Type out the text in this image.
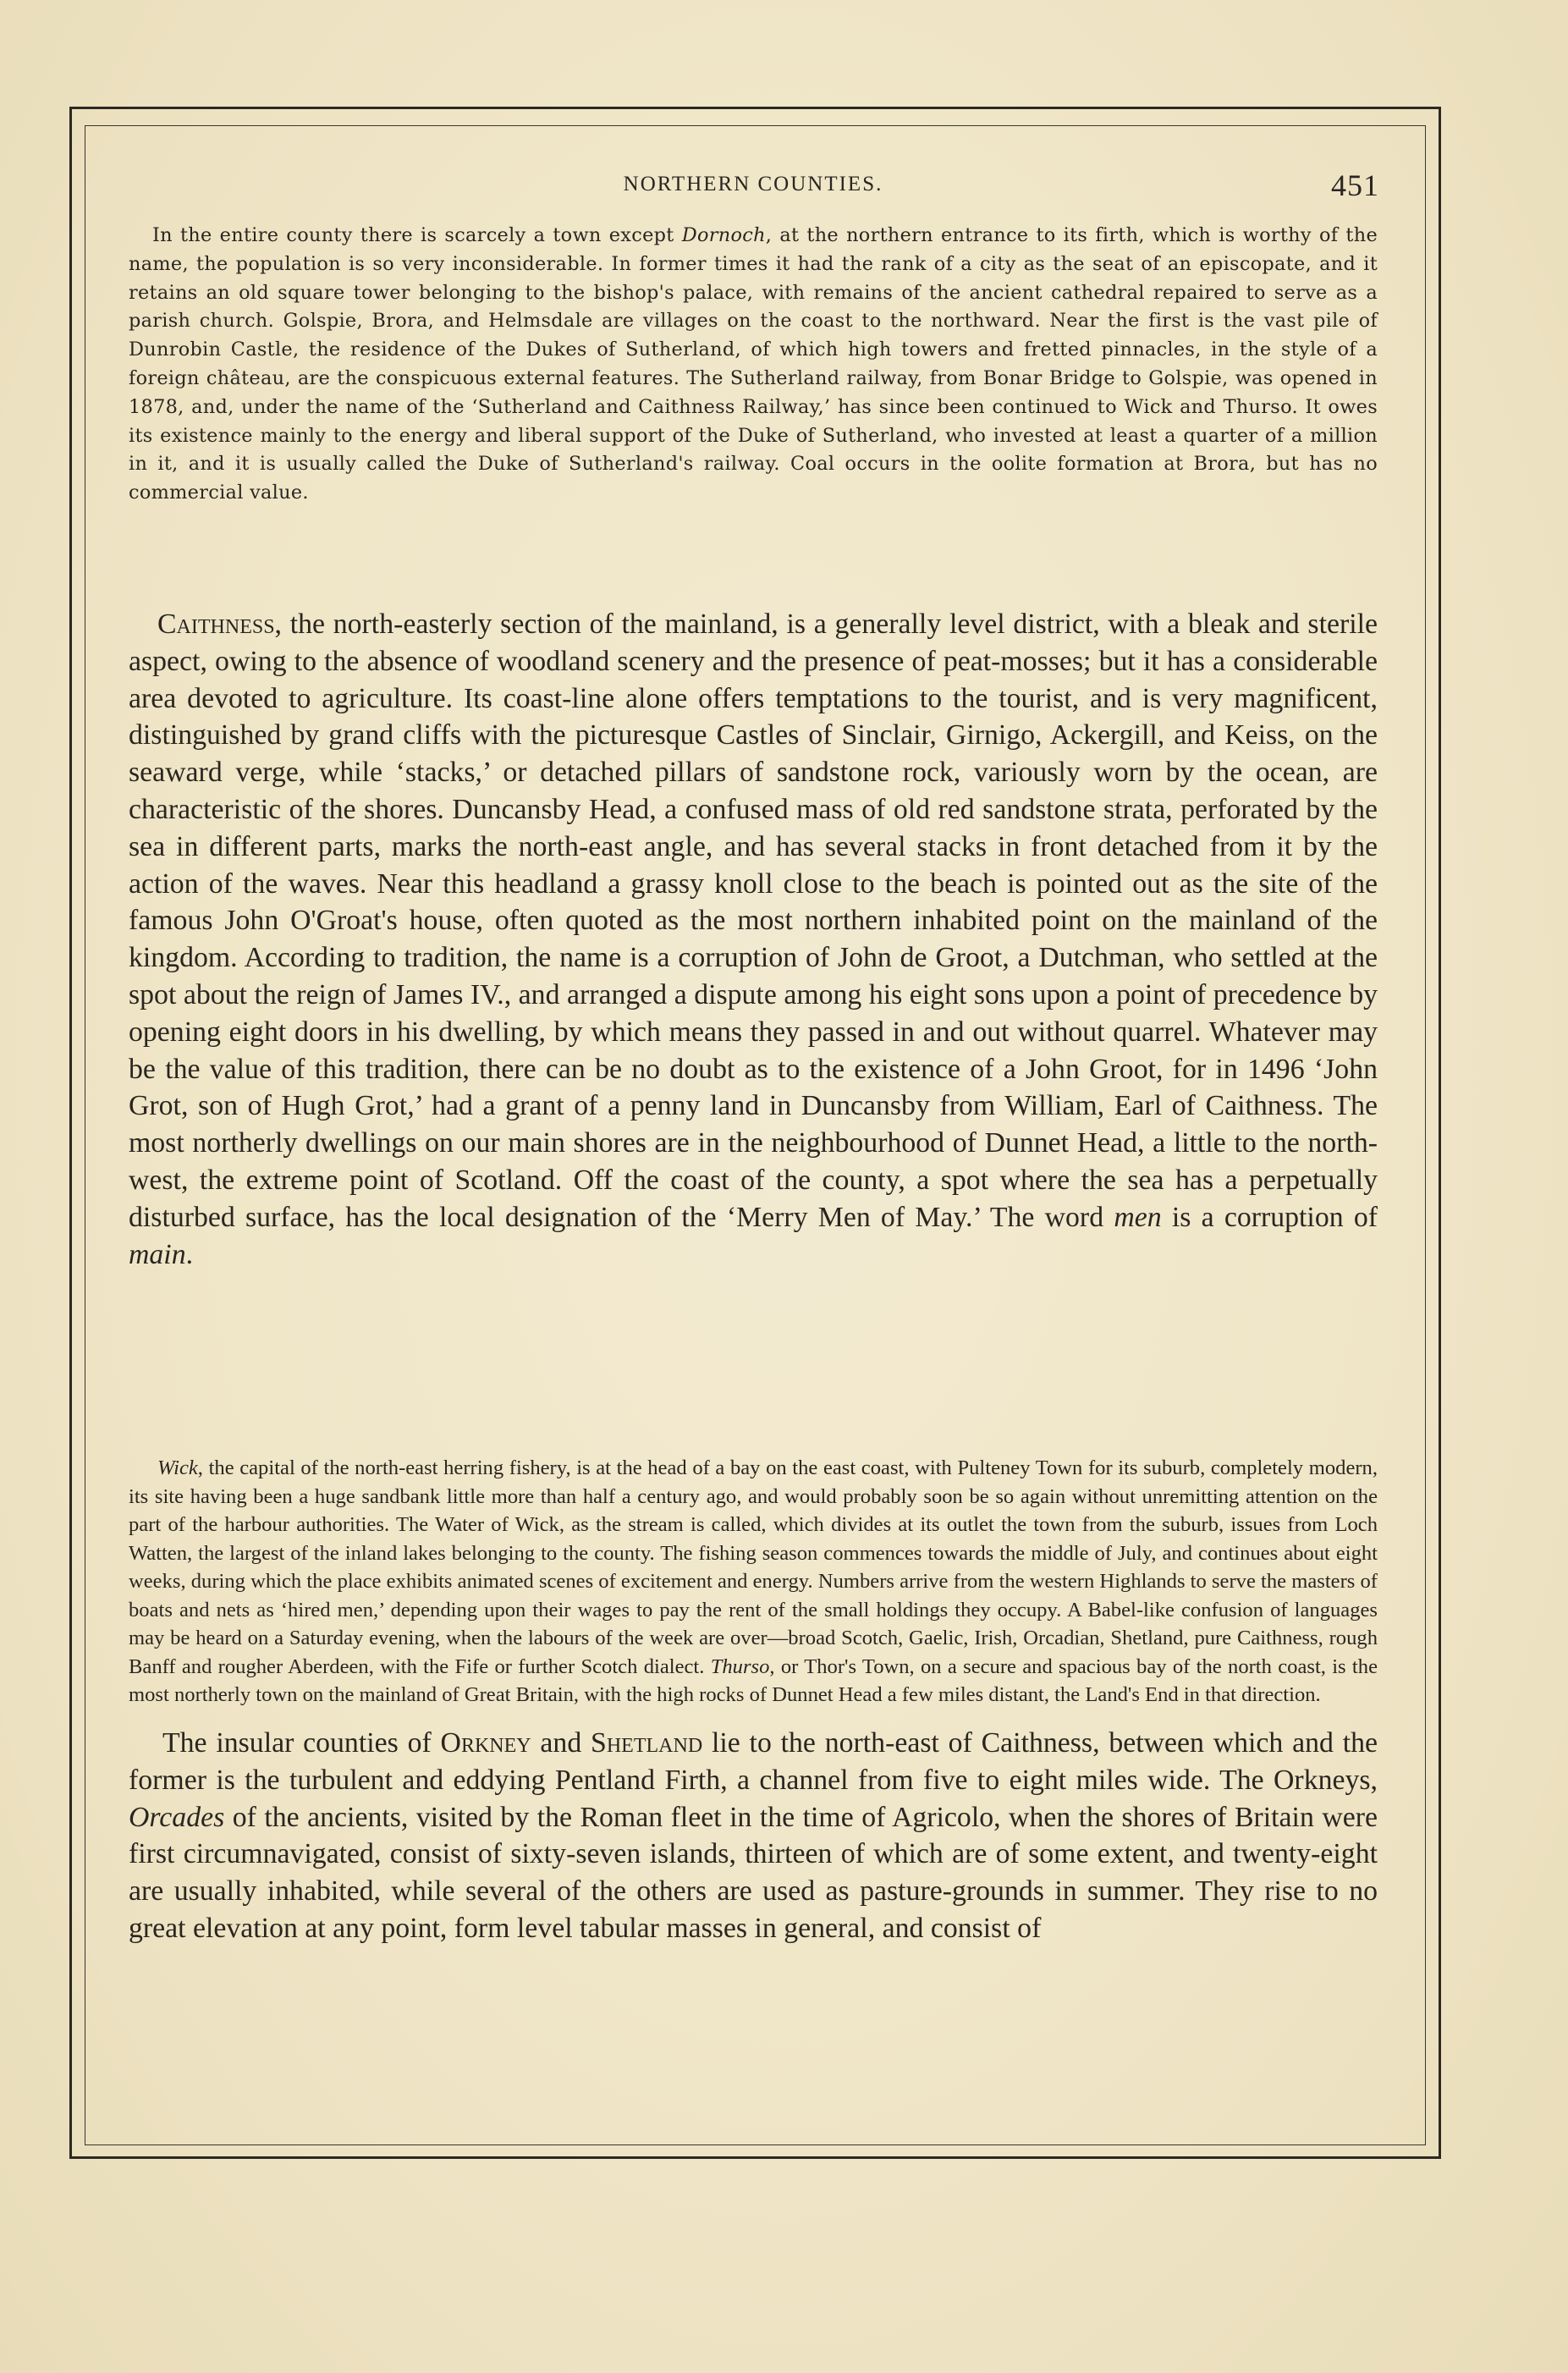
NORTHERN COUNTIES.	451

In the entire county there is scarcely a town except Dornoch, at the northern entrance to its firth, which is worthy of the name, the population is so very inconsiderable. In former times it had the rank of a city as the seat of an episcopate, and it retains an old square tower belonging to the bishop's palace, with remains of the ancient cathedral repaired to serve as a parish church. Golspie, Brora, and Helmsdale are villages on the coast to the northward. Near the first is the vast pile of Dunrobin Castle, the residence of the Dukes of Sutherland, of which high towers and fretted pinnacles, in the style of a foreign château, are the conspicuous external features. The Sutherland railway, from Bonar Bridge to Golspie, was opened in 1878, and, under the name of the ‘Sutherland and Caithness Railway,’ has since been continued to Wick and Thurso. It owes its existence mainly to the energy and liberal support of the Duke of Sutherland, who invested at least a quarter of a million in it, and it is usually called the Duke of Sutherland's railway. Coal occurs in the oolite formation at Brora, but has no commercial value.

Caithness, the north-easterly section of the mainland, is a generally level district, with a bleak and sterile aspect, owing to the absence of woodland scenery and the presence of peat-mosses; but it has a considerable area devoted to agriculture. Its coast-line alone offers temptations to the tourist, and is very magnificent, distinguished by grand cliffs with the picturesque Castles of Sinclair, Girnigo, Ackergill, and Keiss, on the seaward verge, while ‘stacks,’ or detached pillars of sandstone rock, variously worn by the ocean, are characteristic of the shores. Duncansby Head, a confused mass of old red sandstone strata, perforated by the sea in different parts, marks the north-east angle, and has several stacks in front detached from it by the action of the waves. Near this headland a grassy knoll close to the beach is pointed out as the site of the famous John O'Groat's house, often quoted as the most northern inhabited point on the mainland of the kingdom. According to tradition, the name is a corruption of John de Groot, a Dutchman, who settled at the spot about the reign of James IV., and arranged a dispute among his eight sons upon a point of precedence by opening eight doors in his dwelling, by which means they passed in and out without quarrel. Whatever may be the value of this tradition, there can be no doubt as to the existence of a John Groot, for in 1496 ‘John Grot, son of Hugh Grot,’ had a grant of a penny land in Duncansby from William, Earl of Caithness. The most northerly dwellings on our main shores are in the neighbourhood of Dunnet Head, a little to the north-west, the extreme point of Scotland. Off the coast of the county, a spot where the sea has a perpetually disturbed surface, has the local designation of the ‘Merry Men of May.’ The word men is a corruption of main.

Wick, the capital of the north-east herring fishery, is at the head of a bay on the east coast, with Pulteney Town for its suburb, completely modern, its site having been a huge sandbank little more than half a century ago, and would probably soon be so again without unremitting attention on the part of the harbour authorities. The Water of Wick, as the stream is called, which divides at its outlet the town from the suburb, issues from Loch Watten, the largest of the inland lakes belonging to the county. The fishing season commences towards the middle of July, and continues about eight weeks, during which the place exhibits animated scenes of excitement and energy. Numbers arrive from the western Highlands to serve the masters of boats and nets as ‘hired men,’ depending upon their wages to pay the rent of the small holdings they occupy. A Babel-like confusion of languages may be heard on a Saturday evening, when the labours of the week are over—broad Scotch, Gaelic, Irish, Orcadian, Shetland, pure Caithness, rough Banff and rougher Aberdeen, with the Fife or further Scotch dialect. Thurso, or Thor's Town, on a secure and spacious bay of the north coast, is the most northerly town on the mainland of Great Britain, with the high rocks of Dunnet Head a few miles distant, the Land's End in that direction.

The insular counties of Orkney and Shetland lie to the north-east of Caithness, between which and the former is the turbulent and eddying Pentland Firth, a channel from five to eight miles wide. The Orkneys, Orcades of the ancients, visited by the Roman fleet in the time of Agricolo, when the shores of Britain were first circumnavigated, consist of sixty-seven islands, thirteen of which are of some extent, and twenty-eight are usually inhabited, while several of the others are used as pasture-grounds in summer. They rise to no great elevation at any point, form level tabular masses in general, and consist of
